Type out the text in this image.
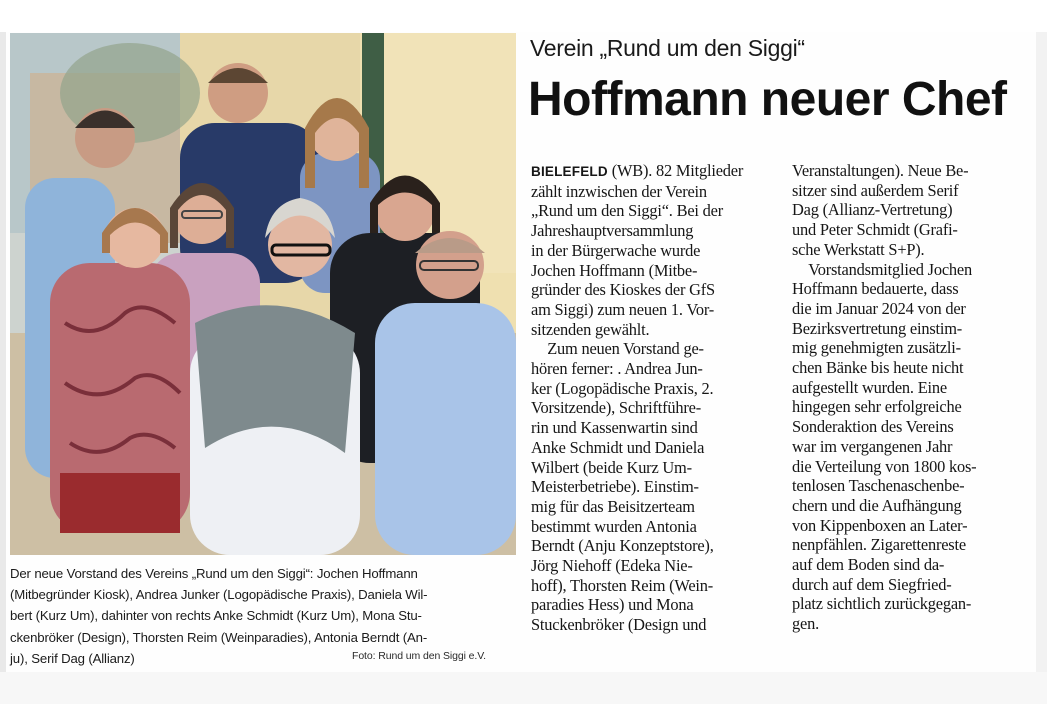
Der neue Vorstand des Vereins „Rund um den Siggi“: Jochen Hoffmann
(Mitbegründer Kiosk), Andrea Junker (Logopädische Praxis), Daniela Wil-
bert (Kurz Um), dahinter von rechts Anke Schmidt (Kurz Um), Mona Stu-
ckenbröker (Design), Thorsten Reim (Weinparadies), Antonia Berndt (An-
ju), Serif Dag (Allianz)	Foto: Rund um den Siggi e.V.
Verein „Rund um den Siggi“
Hoffmann neuer Chef
BIELEFELD (WB). 82 Mitglieder
zählt inzwischen der Verein
„Rund um den Siggi“. Bei der
Jahreshauptversammlung
in der Bürgerwache wurde
Jochen Hoffmann (Mitbe-
gründer des Kioskes der GfS
am Siggi) zum neuen 1. Vor-
sitzenden gewählt.
 Zum neuen Vorstand ge-
hören ferner: . Andrea Jun-
ker (Logopädische Praxis, 2.
Vorsitzende), Schriftführe-
rin und Kassenwartin sind
Anke Schmidt und Daniela
Wilbert (beide Kurz Um-
Meisterbetriebe). Einstim-
mig für das Beisitzerteam
bestimmt wurden Antonia
Berndt (Anju Konzeptstore),
Jörg Niehoff (Edeka Nie-
hoff), Thorsten Reim (Wein-
paradies Hess) und Mona
Stuckenbröker (Design und
Veranstaltungen). Neue Be-
sitzer sind außerdem Serif
Dag (Allianz-Vertretung)
und Peter Schmidt (Grafi-
sche Werkstatt S+P).
 Vorstandsmitglied Jochen
Hoffmann bedauerte, dass
die im Januar 2024 von der
Bezirksvertretung einstim-
mig genehmigten zusätzli-
chen Bänke bis heute nicht
aufgestellt wurden. Eine
hingegen sehr erfolgreiche
Sonderaktion des Vereins
war im vergangenen Jahr
die Verteilung von 1800 kos-
tenlosen Taschenaschenbe-
chern und die Aufhängung
von Kippenboxen an Later-
nenpfählen. Zigarettenreste
auf dem Boden sind da-
durch auf dem Siegfried-
platz sichtlich zurückgegan-
gen.
